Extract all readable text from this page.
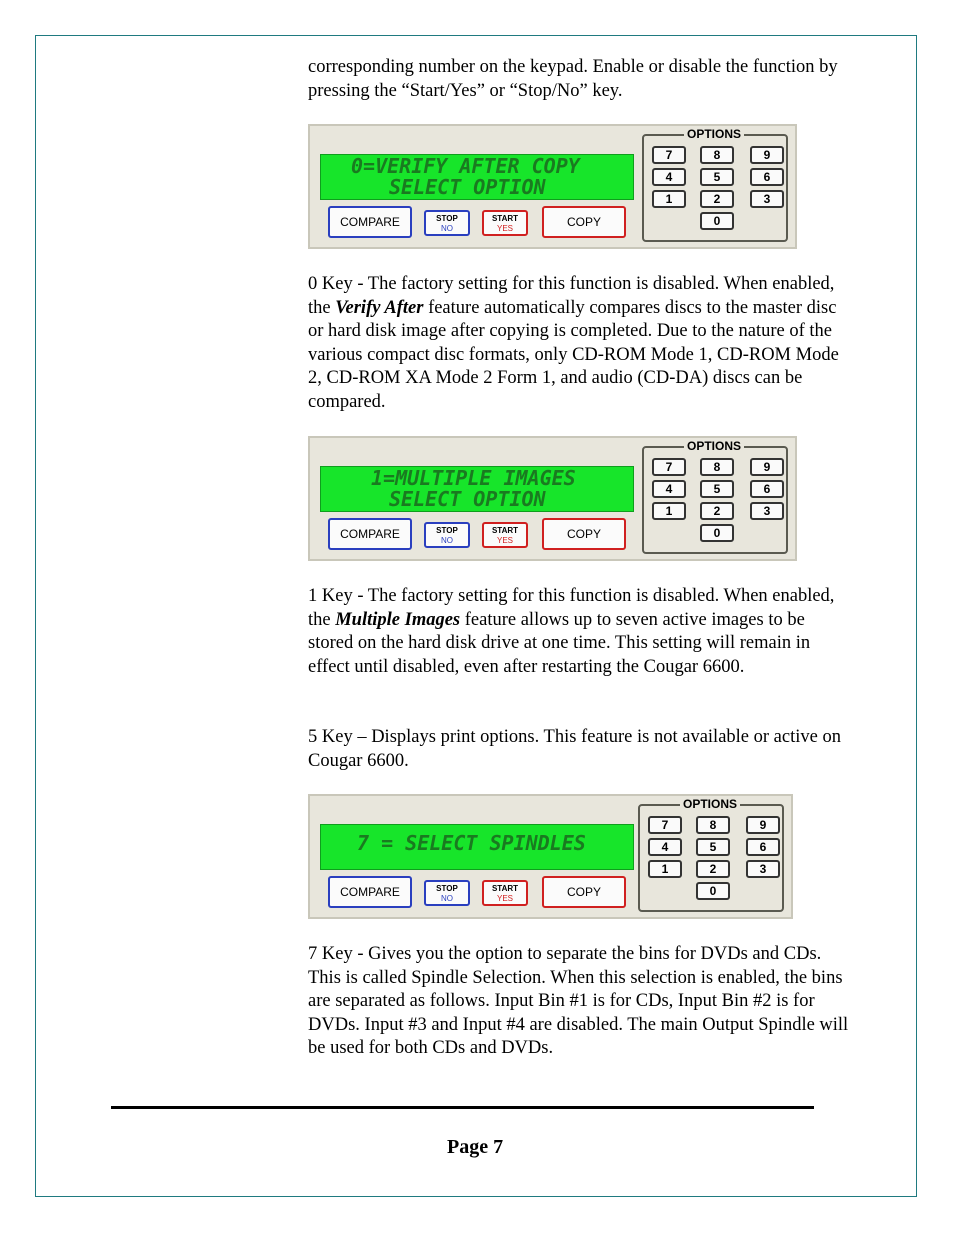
corresponding number on the keypad. Enable or disable the function by pressing the “Start/Yes” or “Stop/No” key.

0=VERIFY AFTER COPY
SELECT OPTION
COMPARE	STOP
NO
START
YES	COPY
OPTIONS
7	8	9
4	5	6
1	2	3
0

0 Key - The factory setting for this function is disabled. When enabled, the Verify After feature automatically compares discs to the master disc or hard disk image after copying is completed. Due to the nature of the various compact disc formats, only CD-ROM Mode 1, CD-ROM Mode 2, CD-ROM XA Mode 2 Form 1, and audio (CD-DA) discs can be compared.

1=MULTIPLE IMAGES
SELECT OPTION
COMPARE	STOP
NO
START
YES	COPY
OPTIONS
7	8	9
4	5	6
1	2	3
0

1 Key - The factory setting for this function is disabled. When enabled, the Multiple Images feature allows up to seven active images to be stored on the hard disk drive at one time. This setting will remain in effect until disabled, even after restarting the Cougar 6600.

5 Key – Displays print options. This feature is not available or active on Cougar 6600.

7 = SELECT SPINDLES
COMPARE	STOP
NO
START
YES	COPY
OPTIONS
7	8	9
4	5	6
1	2	3
0

7 Key - Gives you the option to separate the bins for DVDs and CDs. This is called Spindle Selection. When this selection is enabled, the bins are separated as follows. Input Bin #1 is for CDs, Input Bin #2 is for DVDs. Input #3 and Input #4 are disabled. The main Output Spindle will be used for both CDs and DVDs.

Page 7
